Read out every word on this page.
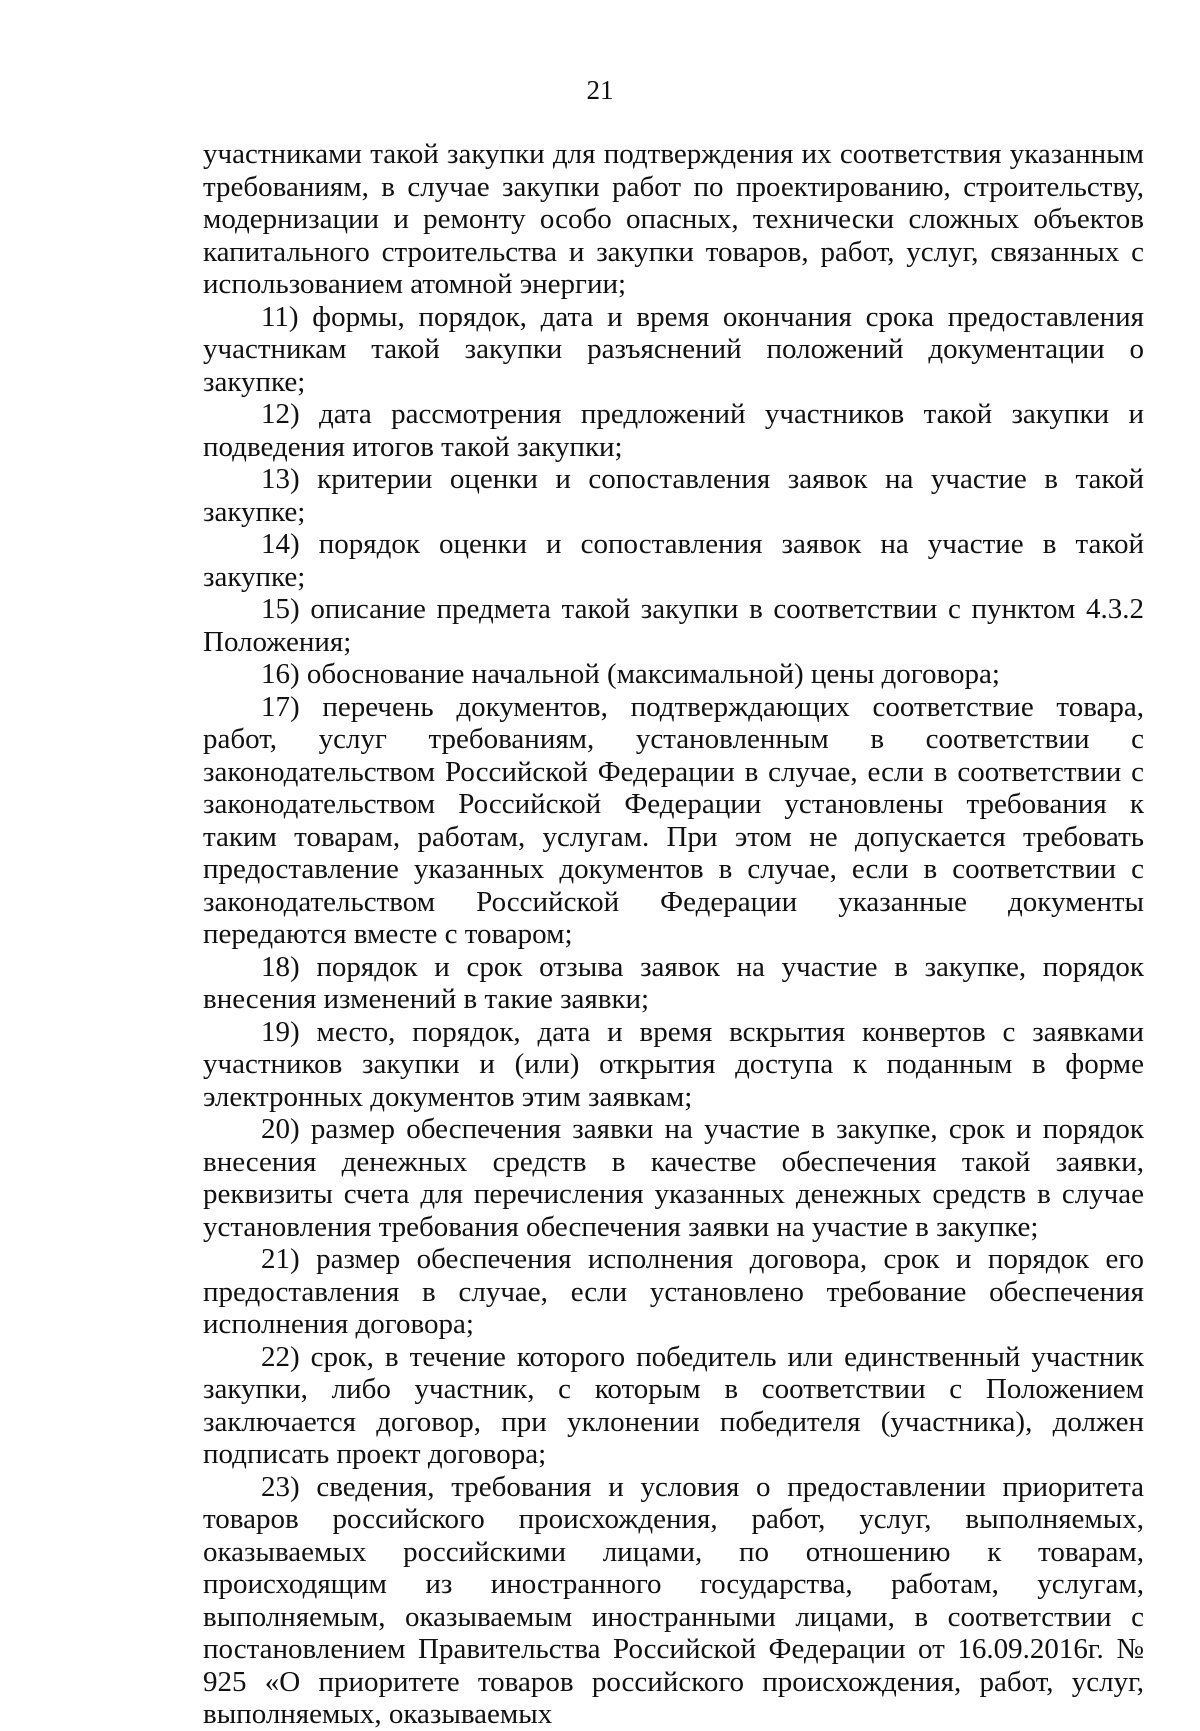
21

участниками такой закупки для подтверждения их соответствия указанным требованиям, в случае закупки работ по проектированию, строительству, модернизации и ремонту особо опасных, технически сложных объектов капитального строительства и закупки товаров, работ, услуг, связанных с использованием атомной энергии;

11) формы, порядок, дата и время окончания срока предоставления участникам такой закупки разъяснений положений документации о закупке;

12) дата рассмотрения предложений участников такой закупки и подведения итогов такой закупки;

13) критерии оценки и сопоставления заявок на участие в такой закупке;

14) порядок оценки и сопоставления заявок на участие в такой закупке;

15) описание предмета такой закупки в соответствии с пунктом 4.3.2 Положения;

16) обоснование начальной (максимальной) цены договора;

17) перечень документов, подтверждающих соответствие товара, работ, услуг требованиям, установленным в соответствии с законодательством Российской Федерации в случае, если в соответствии с законодательством Российской Федерации установлены требования к таким товарам, работам, услугам. При этом не допускается требовать предоставление указанных документов в случае, если в соответствии с законодательством Российской Федерации указанные документы передаются вместе с товаром;

18) порядок и срок отзыва заявок на участие в закупке, порядок внесения изменений в такие заявки;

19) место, порядок, дата и время вскрытия конвертов с заявками участников закупки и (или) открытия доступа к поданным в форме электронных документов этим заявкам;

20) размер обеспечения заявки на участие в закупке, срок и порядок внесения денежных средств в качестве обеспечения такой заявки, реквизиты счета для перечисления указанных денежных средств в случае установления требования обеспечения заявки на участие в закупке;

21) размер обеспечения исполнения договора, срок и порядок его предоставления в случае, если установлено требование обеспечения исполнения договора;

22) срок, в течение которого победитель или единственный участник закупки, либо участник, с которым в соответствии с Положением заключается договор, при уклонении победителя (участника), должен подписать проект договора;

23) сведения, требования и условия о предоставлении приоритета товаров российского происхождения, работ, услуг, выполняемых, оказываемых российскими лицами, по отношению к товарам, происходящим из иностранного государства, работам, услугам, выполняемым, оказываемым иностранными лицами, в соответствии с постановлением Правительства Российской Федерации от 16.09.2016г. № 925 «О приоритете товаров российского происхождения, работ, услуг, выполняемых, оказываемых
